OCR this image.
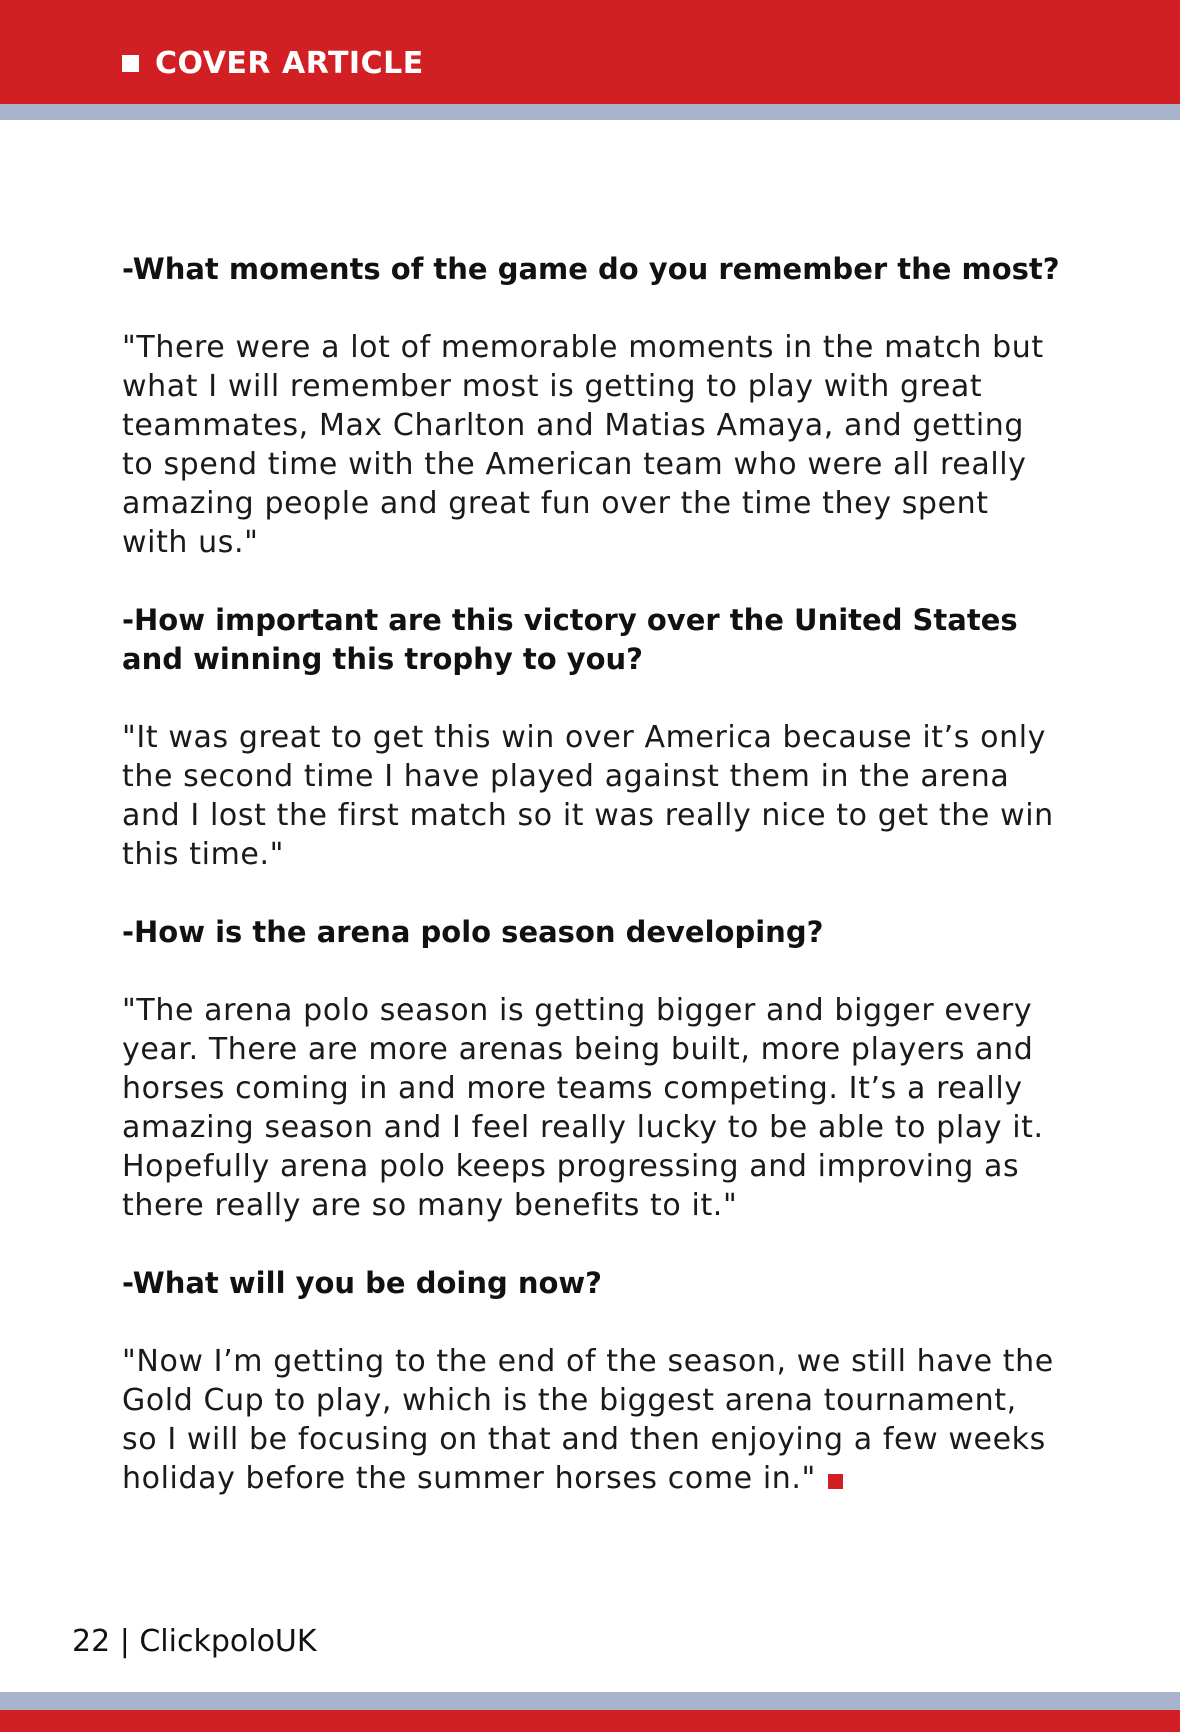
COVER ARTICLE

-What moments of the game do you remember the most?

"There were a lot of memorable moments in the match but what I will remember most is getting to play with great teammates, Max Charlton and Matias Amaya, and getting to spend time with the American team who were all really amazing people and great fun over the time they spent with us."

-How important are this victory over the United States and winning this trophy to you?

"It was great to get this win over America because it’s only the second time I have played against them in the arena and I lost the first match so it was really nice to get the win this time."

-How is the arena polo season developing?

"The arena polo season is getting bigger and bigger every year. There are more arenas being built, more players and horses coming in and more teams competing. It’s a really amazing season and I feel really lucky to be able to play it. Hopefully arena polo keeps progressing and improving as there really are so many benefits to it."

-What will you be doing now?

"Now I’m getting to the end of the season, we still have the Gold Cup to play, which is the biggest arena tournament, so I will be focusing on that and then enjoying a few weeks holiday before the summer horses come in."

22 | ClickpoloUK
